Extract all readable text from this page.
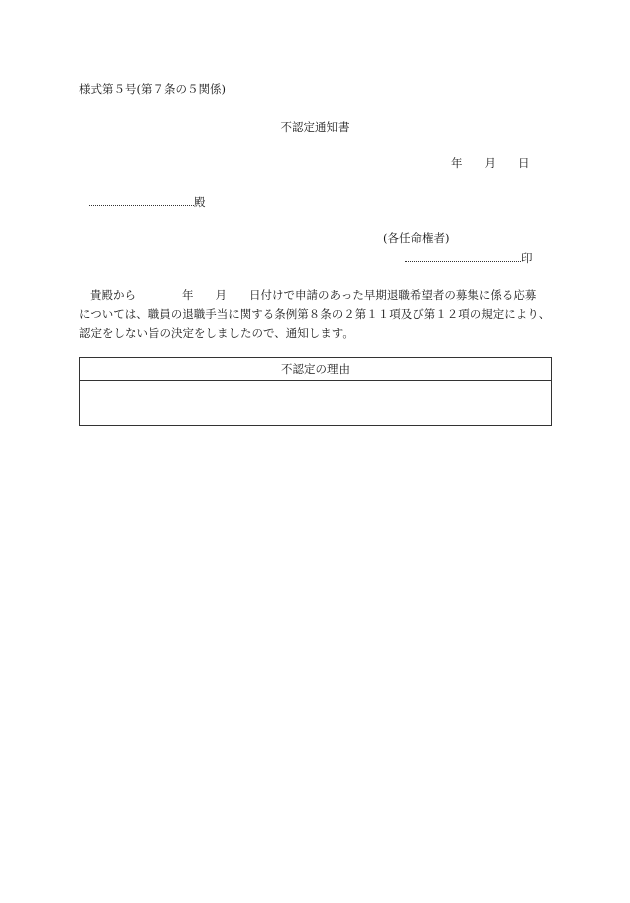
様式第５号(第７条の５関係)
不認定通知書
年 月 日
殿
(各任命権者)
印
貴殿から	年 月 日付けで申請のあった早期退職希望者の募集に係る応募
については、職員の退職手当に関する条例第８条の２第１１項及び第１２項の規定により、
認定をしない旨の決定をしましたので、通知します。
不認定の理由
